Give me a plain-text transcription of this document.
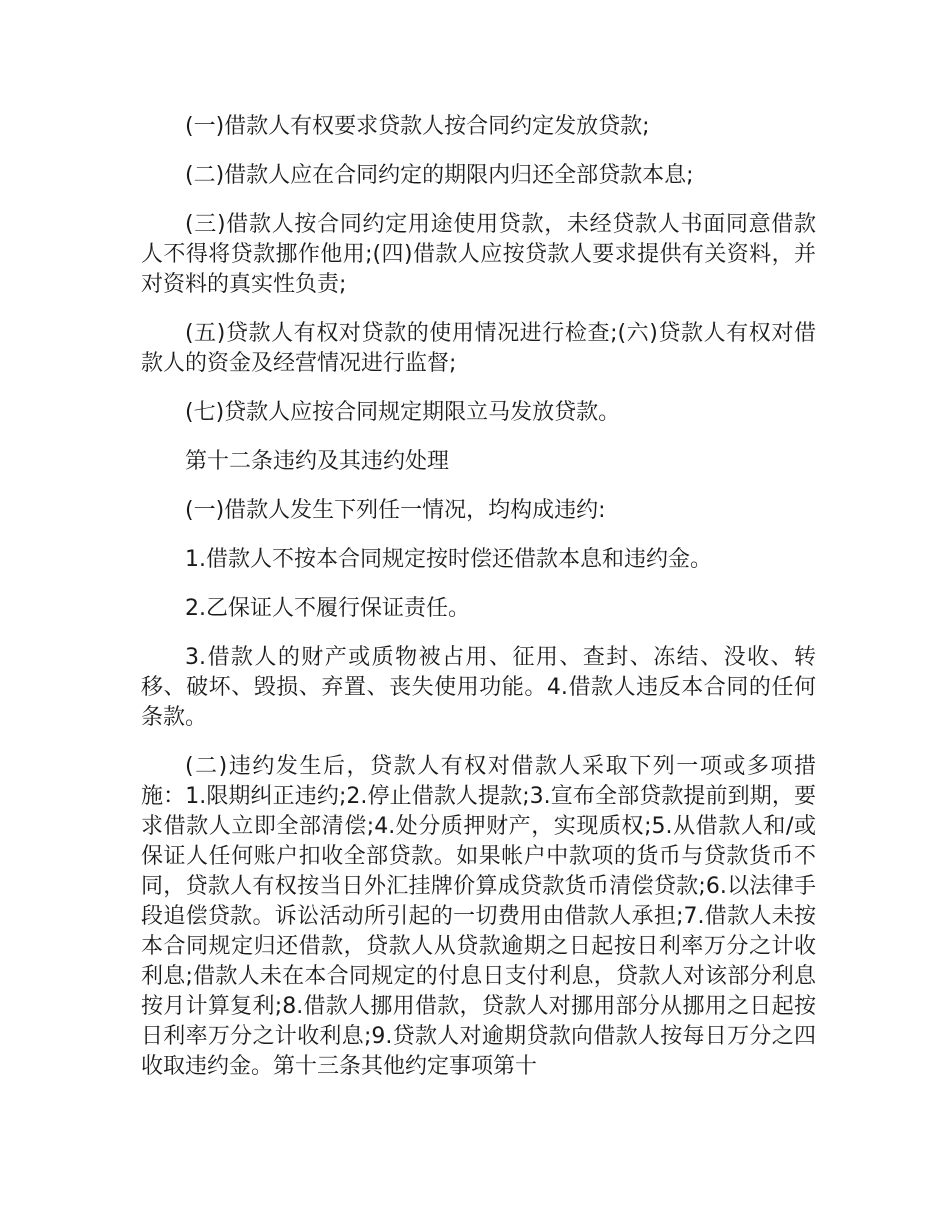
(一)借款人有权要求贷款人按合同约定发放贷款;

(二)借款人应在合同约定的期限内归还全部贷款本息;

(三)借款人按合同约定用途使用贷款，未经贷款人书面同意借款人不得将贷款挪作他用;(四)借款人应按贷款人要求提供有关资料，并对资料的真实性负责;

(五)贷款人有权对贷款的使用情况进行检查;(六)贷款人有权对借款人的资金及经营情况进行监督;

(七)贷款人应按合同规定期限立马发放贷款。

第十二条违约及其违约处理

(一)借款人发生下列任一情况，均构成违约:

1.借款人不按本合同规定按时偿还借款本息和违约金。

2.乙保证人不履行保证责任。

3.借款人的财产或质物被占用、征用、查封、冻结、没收、转移、破坏、毁损、弃置、丧失使用功能。4.借款人违反本合同的任何条款。

(二)违约发生后，贷款人有权对借款人采取下列一项或多项措施：1.限期纠正违约;2.停止借款人提款;3.宣布全部贷款提前到期，要求借款人立即全部清偿;4.处分质押财产，实现质权;5.从借款人和/或保证人任何账户扣收全部贷款。如果帐户中款项的货币与贷款货币不同，贷款人有权按当日外汇挂牌价算成贷款货币清偿贷款;6.以法律手段追偿贷款。诉讼活动所引起的一切费用由借款人承担;7.借款人未按本合同规定归还借款，贷款人从贷款逾期之日起按日利率万分之计收利息;借款人未在本合同规定的付息日支付利息，贷款人对该部分利息按月计算复利;8.借款人挪用借款，贷款人对挪用部分从挪用之日起按日利率万分之计收利息;9.贷款人对逾期贷款向借款人按每日万分之四收取违约金。第十三条其他约定事项第十
